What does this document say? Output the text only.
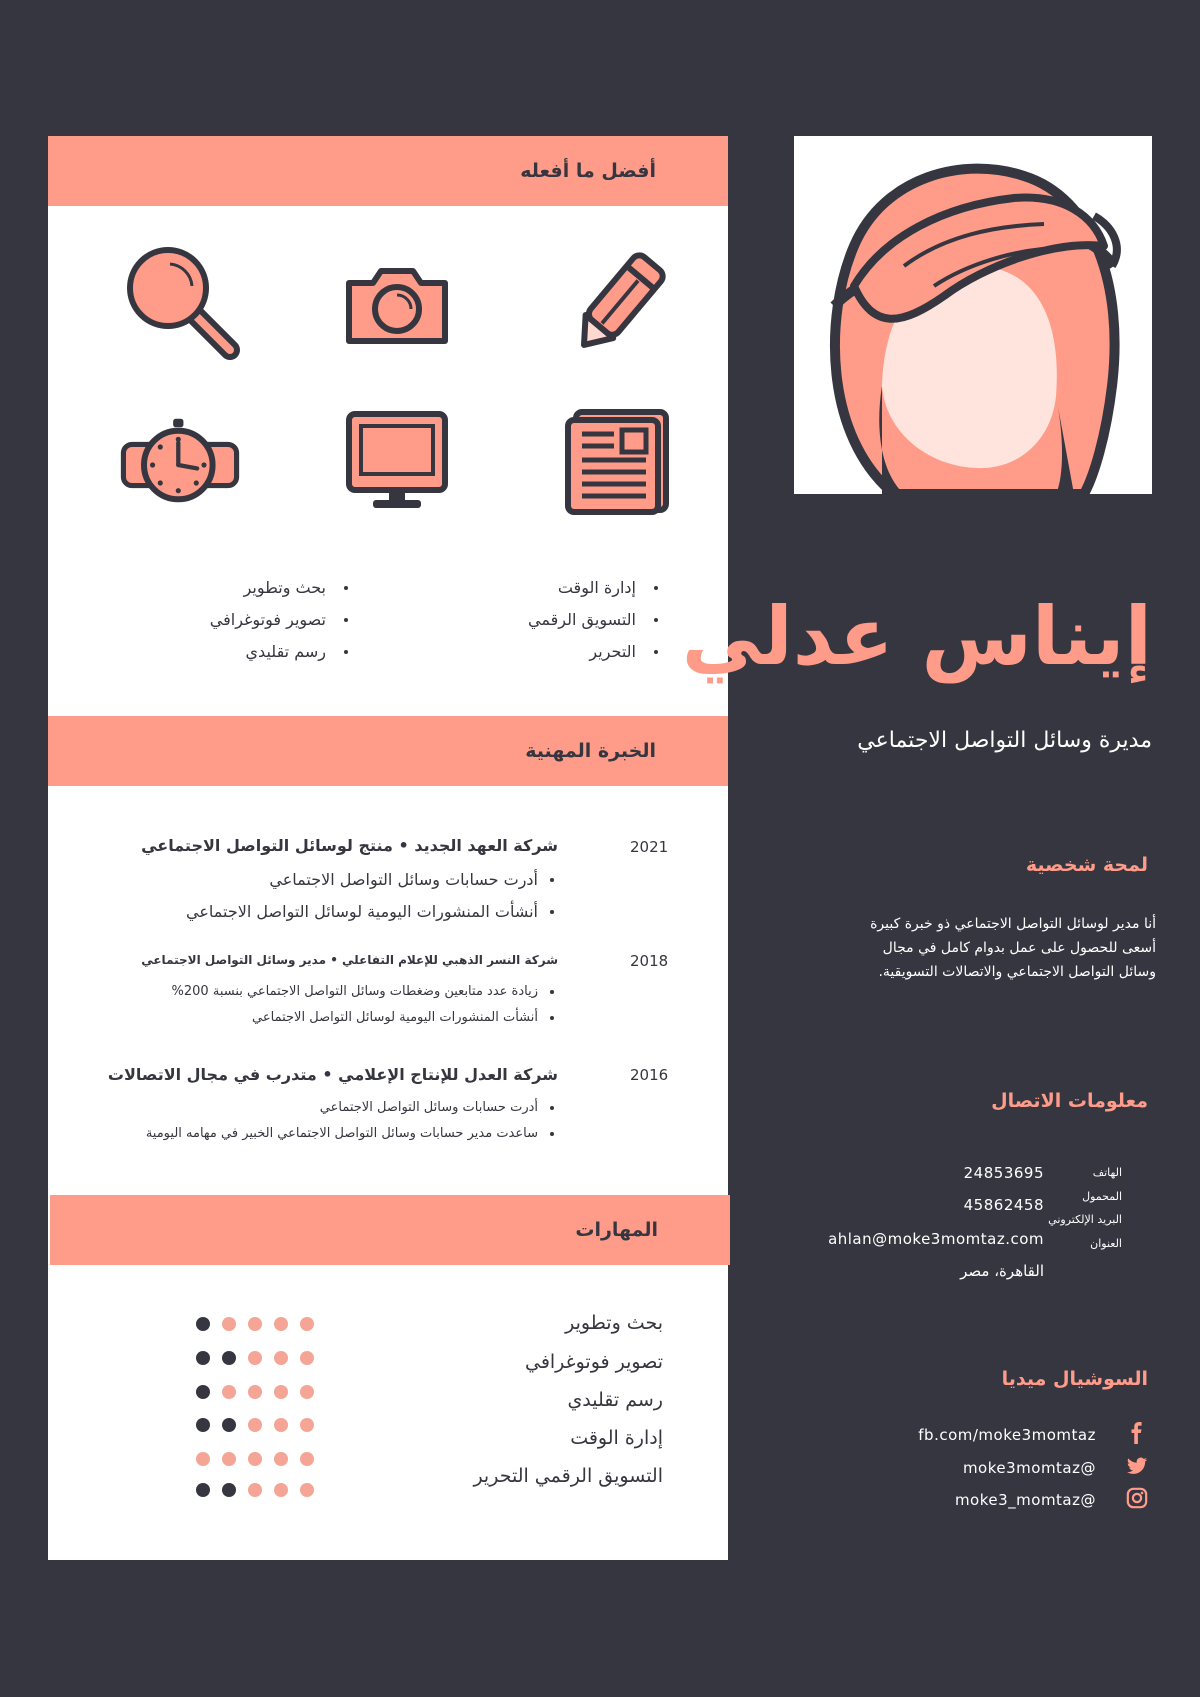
أفضل ما أفعله
إدارة الوقت
التسويق الرقمي
التحرير
بحث وتطوير
تصوير فوتوغرافي
رسم تقليدي
الخبرة المهنية
2021
شركة العهد الجديد • منتج لوسائل التواصل الاجتماعي
أدرت حسابات وسائل التواصل الاجتماعي
أنشأت المنشورات اليومية لوسائل التواصل الاجتماعي
2018
شركة النسر الذهبي للإعلام التفاعلي • مدير وسائل التواصل الاجتماعي
زيادة عدد متابعين وضغطات وسائل التواصل الاجتماعي بنسبة 200%
أنشأت المنشورات اليومية لوسائل التواصل الاجتماعي
2016
شركة العدل للإنتاج الإعلامي • متدرب في مجال الاتصالات
أدرت حسابات وسائل التواصل الاجتماعي
ساعدت مدير حسابات وسائل التواصل الاجتماعي الخبير في مهامه اليومية
المهارات
بحث وتطوير
تصوير فوتوغرافي
رسم تقليدي
إدارة الوقت
التسويق الرقمي التحرير
إيناس عدلي
مديرة وسائل التواصل الاجتماعي
لمحة شخصية
أنا مدير لوسائل التواصل الاجتماعي ذو خبرة كبيرة
أسعى للحصول على عمل بدوام كامل في مجال
وسائل التواصل الاجتماعي والاتصالات التسويقية.
معلومات الاتصال
الهاتف
المحمول
البريد الإلكتروني
العنوان
24853695
45862458
ahlan@moke3momtaz.com
القاهرة، مصر
السوشيال ميديا
fb.com/moke3momtaz
@moke3momtaz
@moke3_momtaz
